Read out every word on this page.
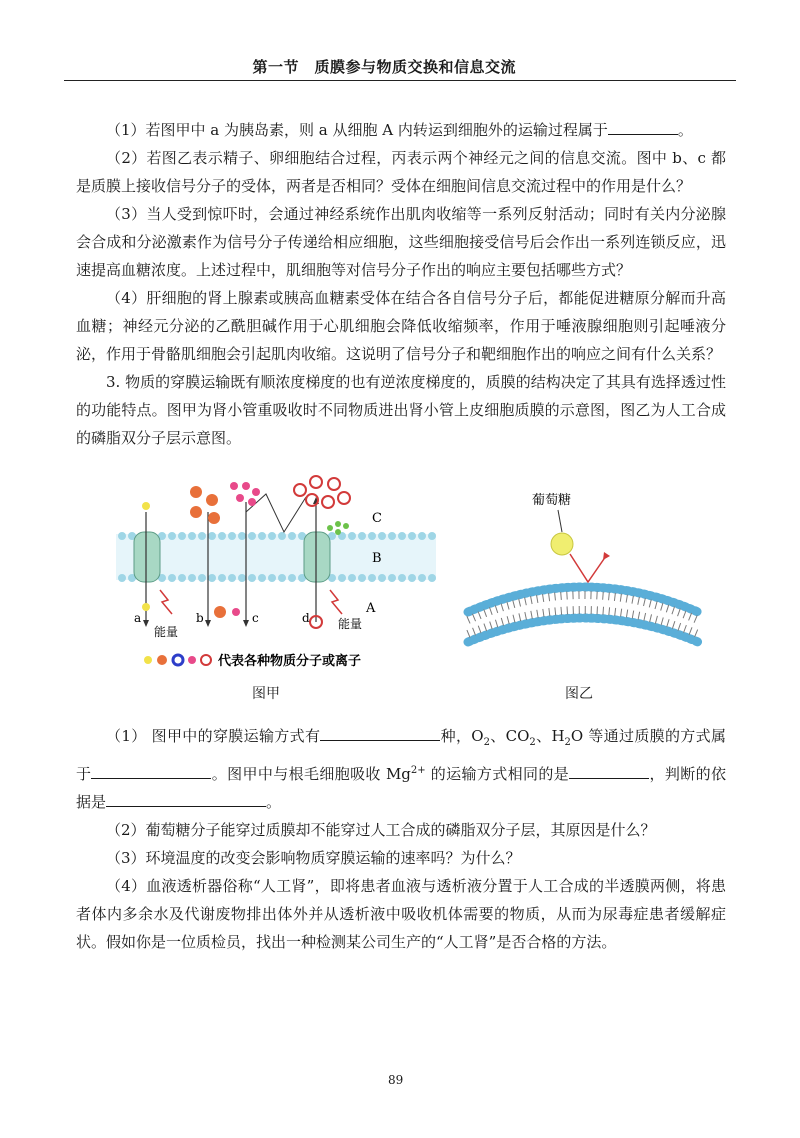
第一节　质膜参与物质交换和信息交流

（1）若图甲中 a 为胰岛素，则 a 从细胞 A 内转运到细胞外的运输过程属于	。

（2）若图乙表示精子、卵细胞结合过程，丙表示两个神经元之间的信息交流。图中 b、c 都是质膜上接收信号分子的受体，两者是否相同？受体在细胞间信息交流过程中的作用是什么？

（3）当人受到惊吓时，会通过神经系统作出肌肉收缩等一系列反射活动；同时有关内分泌腺会合成和分泌激素作为信号分子传递给相应细胞，这些细胞接受信号后会作出一系列连锁反应，迅速提高血糖浓度。上述过程中，肌细胞等对信号分子作出的响应主要包括哪些方式？

（4）肝细胞的肾上腺素或胰高血糖素受体在结合各自信号分子后，都能促进糖原分解而升高血糖；神经元分泌的乙酰胆碱作用于心肌细胞会降低收缩频率，作用于唾液腺细胞则引起唾液分泌，作用于骨骼肌细胞会引起肌肉收缩。这说明了信号分子和靶细胞作出的响应之间有什么关系？

3. 物质的穿膜运输既有顺浓度梯度的也有逆浓度梯度的，质膜的结构决定了其具有选择透过性的功能特点。图甲为肾小管重吸收时不同物质进出肾小管上皮细胞质膜的示意图，图乙为人工合成的磷脂双分子层示意图。

C
B
A
a	b	c	d
能量
能量
代表各种物质分子或离子
葡萄糖
图甲	图乙

（1） 图甲中的穿膜运输方式有	种，$O_2$、$CO_2$、$H_2O$ 等通过质膜的方式属于	。图甲中与根毛细胞吸收 $Mg^{2+}$ 的运输方式相同的是	，判断的依据是	。

（2）葡萄糖分子能穿过质膜却不能穿过人工合成的磷脂双分子层，其原因是什么？

（3）环境温度的改变会影响物质穿膜运输的速率吗？为什么？

（4）血液透析器俗称“人工肾”，即将患者血液与透析液分置于人工合成的半透膜两侧，将患者体内多余水及代谢废物排出体外并从透析液中吸收机体需要的物质，从而为尿毒症患者缓解症状。假如你是一位质检员，找出一种检测某公司生产的“人工肾”是否合格的方法。

89
